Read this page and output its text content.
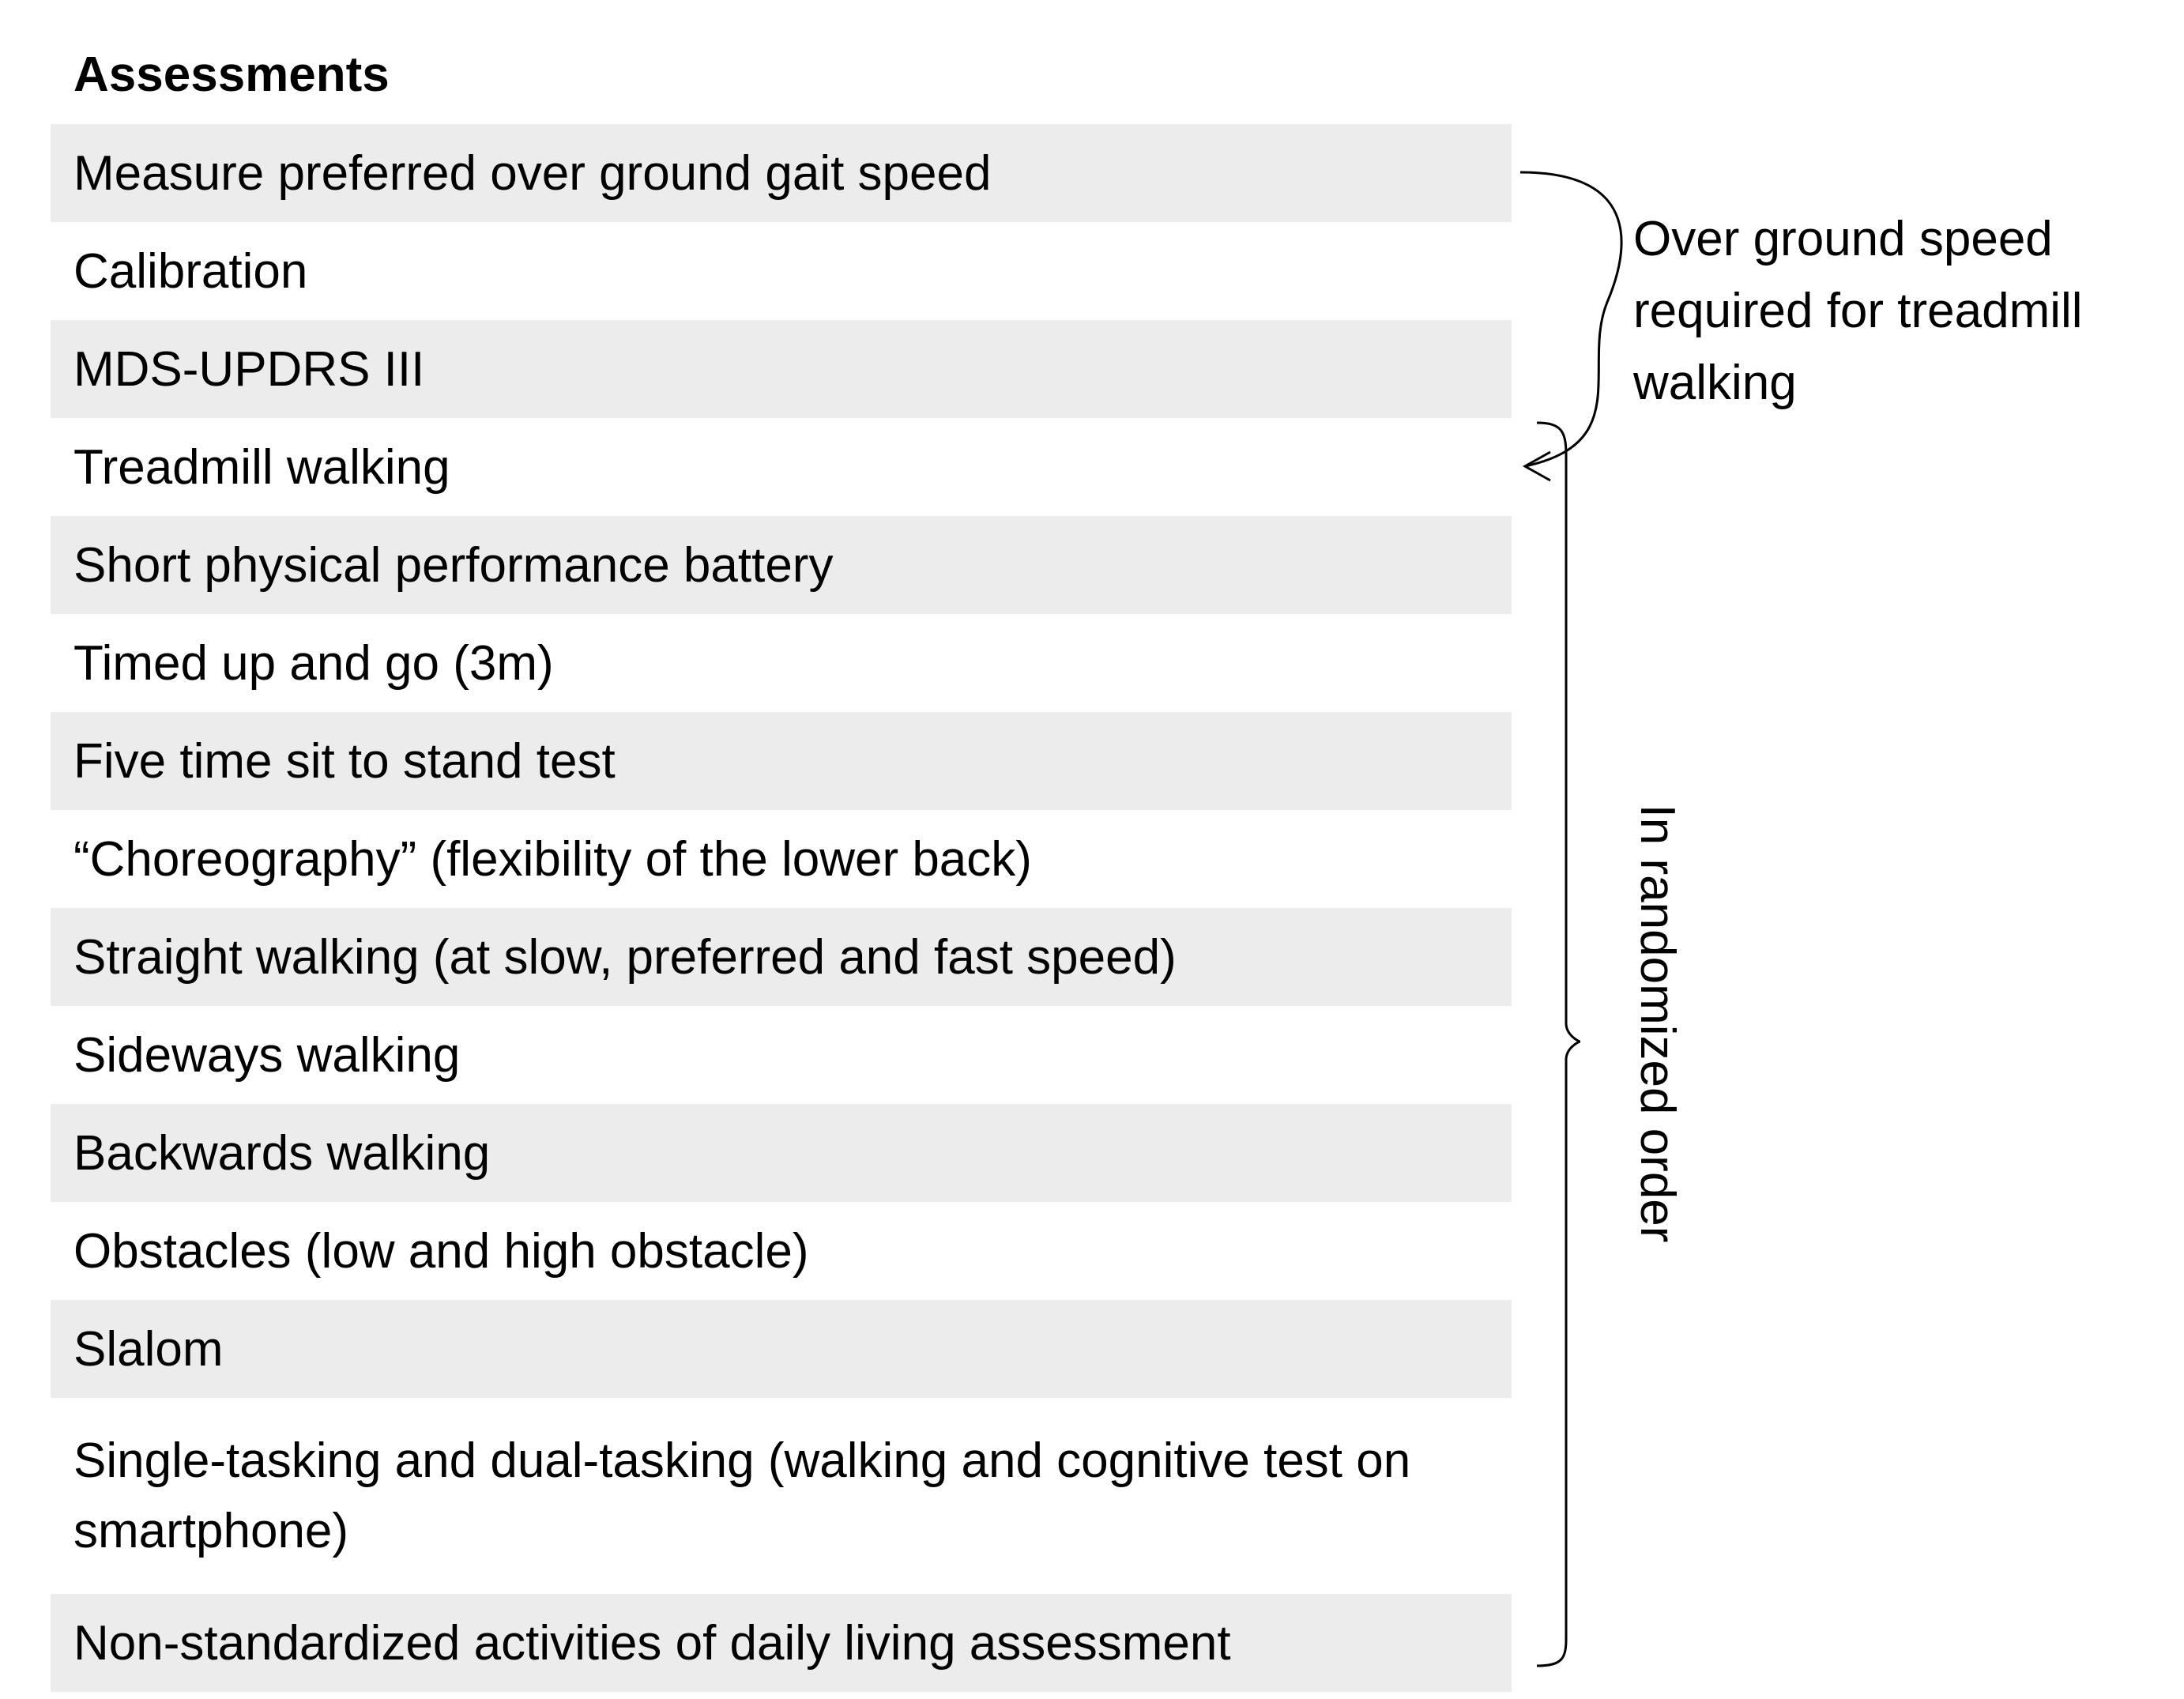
Assessments
Measure preferred over ground gait speed
Calibration
MDS-UPDRS III
Treadmill walking
Short physical performance battery
Timed up and go (3m)
Five time sit to stand test
“Choreography” (flexibility of the lower back)
Straight walking (at slow, preferred and fast speed)
Sideways walking
Backwards walking
Obstacles (low and high obstacle)
Slalom
Single-tasking and dual-tasking (walking and cognitive test on smartphone)
Non-standardized activities of daily living assessment
Over ground speed
required for treadmill
walking
In randomized order
